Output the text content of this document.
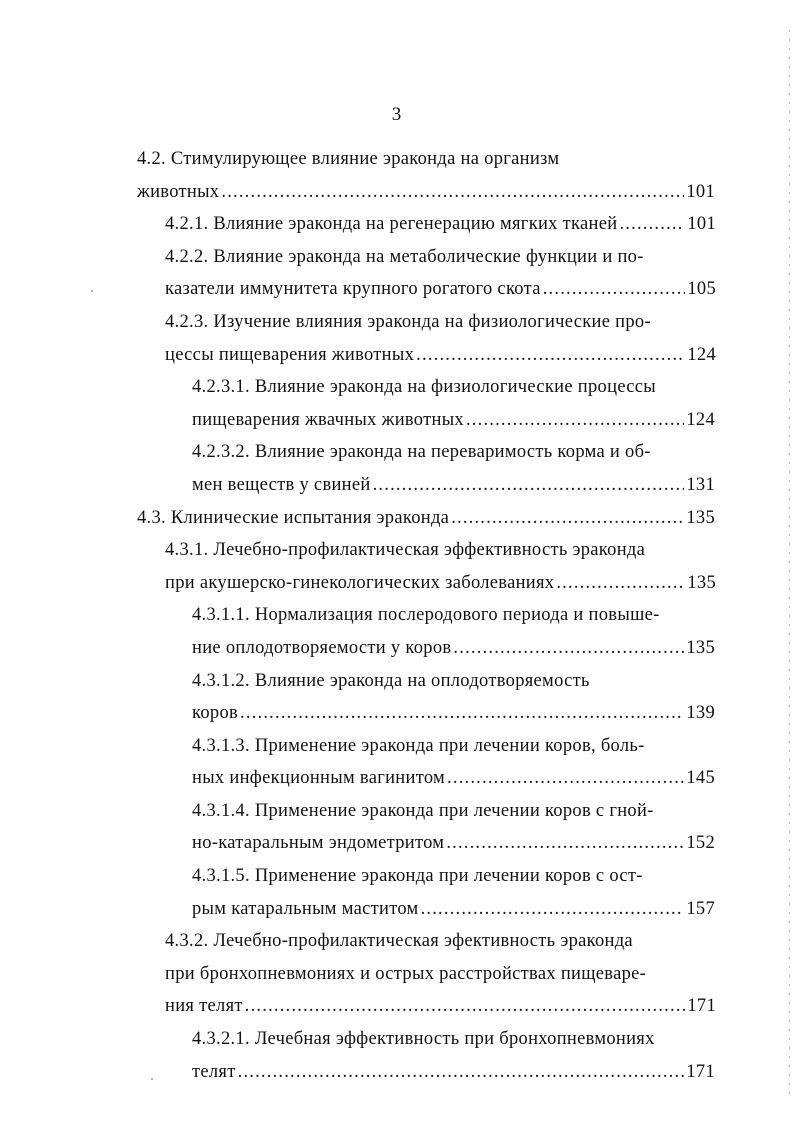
3
4.2. Стимулирующее влияние эраконда на организм
животных .....	101
4.2.1. Влияние эраконда на регенерацию мягких тканей .....	101
4.2.2. Влияние эраконда на метаболические функции и по-
казатели иммунитета крупного рогатого скота .....	105
4.2.3. Изучение влияния эраконда на физиологические про-
цессы пищеварения животных .....	124
4.2.3.1. Влияние эраконда на физиологические процессы
пищеварения жвачных животных .....	124
4.2.3.2. Влияние эраконда на переваримость корма и об-
мен веществ у свиней .....	131
4.3. Клинические испытания эраконда .....	135
4.3.1. Лечебно-профилактическая эффективность эраконда
при акушерско-гинекологических заболеваниях .....	135
4.3.1.1. Нормализация послеродового периода и повыше-
ние оплодотворяемости у коров .....	135
4.3.1.2. Влияние эраконда на оплодотворяемость
коров .....	139
4.3.1.3. Применение эраконда при лечении коров, боль-
ных инфекционным вагинитом .....	145
4.3.1.4. Применение эраконда при лечении коров с гной-
но-катаральным эндометритом .....	152
4.3.1.5. Применение эраконда при лечении коров с ост-
рым катаральным маститом .....	157
4.3.2. Лечебно-профилактическая эфективность эраконда
при бронхопневмониях и острых расстройствах пищеваре-
ния телят .....	171
4.3.2.1. Лечебная эффективность при бронхопневмониях
телят .....	171
